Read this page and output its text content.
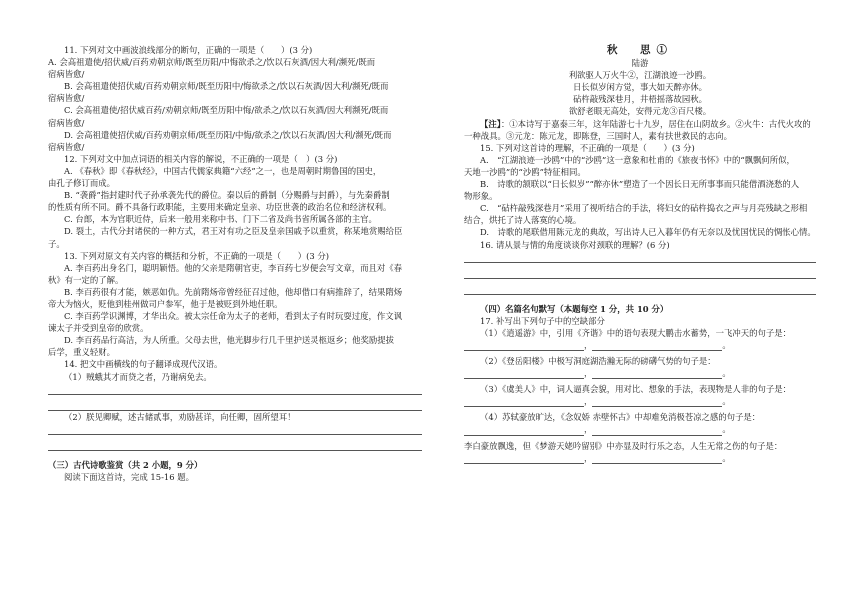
11. 下列对文中画波浪线部分的断句，正确的一项是（　　）(3 分)

A. 会高祖遣使/招伏威/百药劝朝京师/既至历阳/中悔欲杀之/饮以石灰酒/因大利/濒死/既而

宿病皆愈/

B. 会高祖遣使招伏威/百药劝朝京师/既至历阳中/悔欲杀之/饮以石灰酒/因大利/濒死/既而

宿病皆愈/

C. 会高祖遣使/招伏威百药/劝朝京师/既至历阳中悔/欲杀之/饮以石灰酒/因大利濒死/既而

宿病皆愈/

D. 会高祖遣使招伏威/百药劝朝京师/既至历阳/中悔/欲杀之/饮以石灰酒/因大利/濒死/既而

宿病皆愈/

12. 下列对文中加点词语的相关内容的解说，不正确的一项是（　）(3 分)

A. 《春秋》即《春秋经》，中国古代儒家典籍“六经”之一，也是周朝时期鲁国的国史，

由孔子修订而成。

B. “袭爵”指封建时代子孙承袭先代的爵位。秦以后的爵制（分赐爵与封爵），与先秦爵制

的性质有所不同。爵不具备行政职能，主要用来确定皇亲、功臣世袭的政治名位和经济权利。

C. 台郎，本为官职近侍，后来一般用来称中书、门下二省及尚书省所属各部的主官。

D. 裂土，古代分封诸侯的一种方式，君王对有功之臣及皇亲国戚予以重赏，称某地赏赐给臣

子。

13. 下列对原文有关内容的概括和分析，不正确的一项是（　　）(3 分)

A. 李百药出身名门，聪明颖悟。他的父亲是隋朝官吏，李百药七岁便会写文章，而且对《春

秋》有一定的了解。

B. 李百药很有才能，嫉恶如仇。先前隋炀帝曾经征召过他，他却借口有病推辞了，结果隋炀

帝大为恼火，贬他到桂州做司户参军，他于是被贬到外地任职。

C. 李百药学识渊博，才华出众。被太宗任命为太子的老师，看到太子有时玩耍过度，作文讽

谏太子并受到皇帝的欣赏。

D. 李百药品行高洁，为人所重。父母去世，他光脚步行几千里护送灵柩返乡；他奖励提拔

后学，重义轻财。

14. 把文中画横线的句子翻译成现代汉语。

（1）贼蛾其才而贷之者，乃谢病免去。

（2）朕见卿赋，述古储贰事，劝励甚详，向任卿，固所望耳！

（三）古代诗歌鉴赏（共 2 小题，9 分）

阅读下面这首诗，完成 15-16 题。

秋　思①

陆游

利欲驱人万火牛②，江湖浪迹一沙鸥。

日长似岁闲方觉，事大如天醉亦休。

砧杵敲残深巷月，井梧摇落故园秋。

欲舒老眼无高处，安得元龙③百尺楼。

【注】：①本诗写于嘉泰三年，这年陆游七十九岁，居住在山阴故乡。②火牛：古代火攻的

一种战具。③元龙：陈元龙，即陈登，三国时人，素有扶世救民的志向。

15. 下列对这首诗的理解，不正确的一项是（　　）(3 分)

A.　“江湖浪迹一沙鸥”中的“沙鸥”这一意象和杜甫的《旅夜书怀》中的“飘飘何所似，

天地一沙鸥”的“沙鸥”特征相同。

B.　诗歌的颔联以“日长似岁”“醉亦休”塑造了一个因长日无所事事而只能借酒浇愁的人

物形象。

C.　“砧杵敲残深巷月”采用了视听结合的手法，将妇女的砧杵捣衣之声与月亮残缺之形相

结合，烘托了诗人落寞的心境。

D.　诗歌的尾联借用陈元龙的典故，写出诗人已入暮年仍有无奈以及忧国忧民的惆怅心情。

16. 请从景与情的角度谈谈你对颈联的理解？(6 分)

（四）名篇名句默写（本题每空 1 分，共 10 分）

17. 补写出下列句子中的空缺部分

（1）《逍遥游》中，引用《齐谐》中的语句表现大鹏击水蓄势，一飞冲天的句子是：

，	。

（2）《登岳阳楼》中极写洞庭湖浩瀚无际的磅礴气势的句子是：

，	。

（3）《虞美人》中，词人逼真会貌，用对比、想象的手法，表现物是人非的句子是：

，	。

（4）苏轼豪放旷达，《念奴娇 赤壁怀古》中却难免消极苍凉之感的句子是：

，	。

李白豪放飘逸，但《梦游天姥吟留别》中亦显及时行乐之态，人生无常之伤的句子是：

，	。
